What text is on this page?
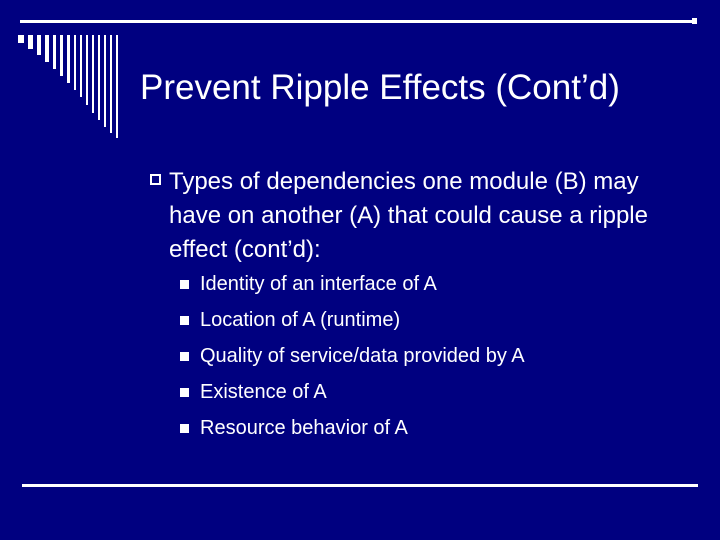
Prevent Ripple Effects (Cont’d)
Types of dependencies one module (B) may have on another (A) that could cause a ripple effect (cont’d):
Identity of an interface of A
Location of A (runtime)
Quality of service/data provided by A
Existence of A
Resource behavior of A
